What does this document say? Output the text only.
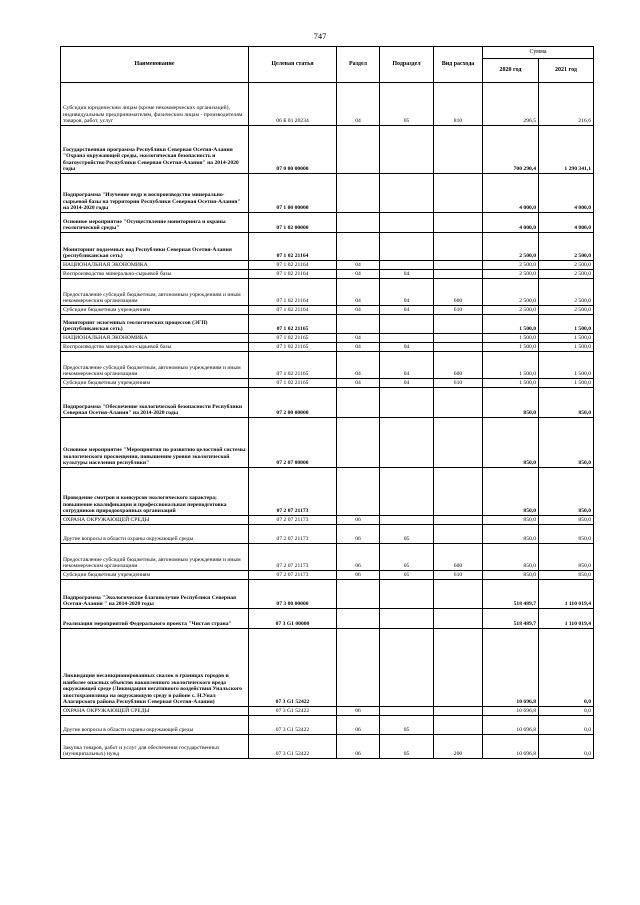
747
Наименование	Целевая статья	Раздел	Подраздел	Вид расхода	Сумма	
					2020 год	2021 год
Субсидии юридическим лицам (кроме некоммерческих организаций), индивидуальным предпринимателям, физическим лицам - производителям товаров, работ, услуг	06 Б 01 20234	04	05	810	296,5	216,6
Государственная программа Республики Северная Осетия-Алания "Охрана окружающей среды, экологическая безопасность и благоустройство Республики Северная Осетия-Алания" на 2014-2020 годы	07 0 00 00000				700 290,4	1 290 341,1
Подпрограмма "Изучение недр и воспроизводство минерально-сырьевой базы на территории Республики Северная Осетия-Алания" на 2014-2020 годы	07 1 00 00000				4 000,0	4 000,0
Основное мероприятие "Осуществление мониторинга и охраны геологической среды"	07 1 02 00000				4 000,0	4 000,0
Мониторинг подземных вод Республики Северная Осетия-Алания (республиканская сеть)	07 1 02 21164				2 500,0	2 500,0
НАЦИОНАЛЬНАЯ ЭКОНОМИКА	07 1 02 21164	04			2 500,0	2 500,0
Воспроизводство минерально-сырьевой базы	07 1 02 21164	04	04		2 500,0	2 500,0
Предоставление субсидий бюджетным, автономным учреждениям и иным некоммерческим организациям	07 1 02 21164	04	04	600	2 500,0	2 500,0
Субсидии бюджетным учреждениям	07 1 02 21164	04	04	610	2 500,0	2 500,0
Мониторинг экзогенных геологических процессов (ЭГП) (республиканская сеть)	07 1 02 21165				1 500,0	1 500,0
НАЦИОНАЛЬНАЯ ЭКОНОМИКА	07 1 02 21165	04			1 500,0	1 500,0
Воспроизводство минерально-сырьевой базы	07 1 02 21165	04	04		1 500,0	1 500,0
Предоставление субсидий бюджетным, автономным учреждениям и иным некоммерческим организациям	07 1 02 21165	04	04	600	1 500,0	1 500,0
Субсидии бюджетным учреждениям	07 1 02 21165	04	04	610	1 500,0	1 500,0
Подпрограмма "Обеспечение экологической безопасности Республики Северная Осетия-Алания" на 2014-2020 годы	07 2 00 00000				850,0	850,0
Основное мероприятие "Мероприятия по развитию целостной системы экологического просвещения, повышению уровня экологической культуры населения республики"	07 2 07 00000				850,0	850,0
Проведение смотров и конкурсов экологического характера; повышение квалификации и профессиональная переподготовка сотрудников природоохранных организаций	07 2 07 21173				850,0	850,0
ОХРАНА ОКРУЖАЮЩЕЙ СРЕДЫ	07 2 07 21173	06			850,0	850,0
Другие вопросы в области охраны окружающей среды	07 2 07 21173	06	05		850,0	850,0
Предоставление субсидий бюджетным, автономным учреждениям и иным некоммерческим организациям	07 2 07 21173	06	05	600	850,0	850,0
Субсидии бюджетным учреждениям	07 2 07 21173	06	05	610	850,0	850,0
Подпрограмма "Экологическое благополучие Республики Северная Осетия-Алания " на 2014-2020 годы	07 3 00 00000				518 489,7	1 110 019,4
Реализация мероприятий Федерального проекта "Чистая страна"	07 3 G1 00000				518 489,7	1 110 019,4
Ликвидация несанкционированных свалок в границах городов и наиболее опасных объектов накопленного экологического вреда окружающей среде (Ликвидация негативного воздействия Унальского хвостохранилища на окружающую среду в районе с. Н.Унал Алагирского района Республики Северная Осетия-Алания)	07 3 G1 52422				10 696,8	0,0
ОХРАНА ОКРУЖАЮЩЕЙ СРЕДЫ	07 3 G1 52422	06			10 696,8	0,0
Другие вопросы в области охраны окружающей среды	07 3 G1 52422	06	05		10 696,8	0,0
Закупка товаров, работ и услуг для обеспечения государственных (муниципальных) нужд	07 3 G1 52422	06	05	200	10 696,8	0,0
